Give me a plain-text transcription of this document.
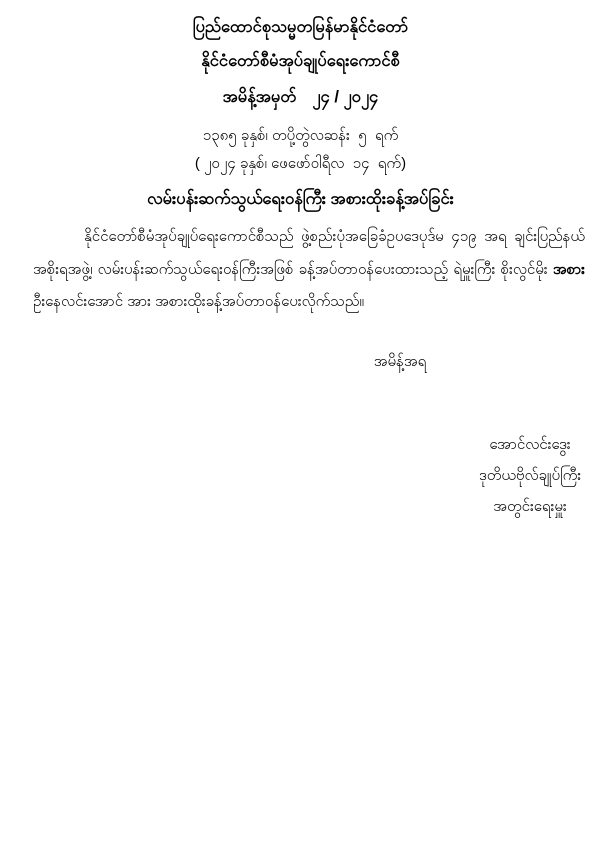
ပြည်ထောင်စုသမ္မတမြန်မာနိုင်ငံတော်
နိုင်ငံတော်စီမံအုပ်ချုပ်ရေးကောင်စီ
အမိန့်အမှတ် ၂၄ / ၂၀၂၄
၁၃၈၅ ခုနှစ်၊ တပို့တွဲလဆန်း  ၅  ရက်
( ၂၀၂၄ ခုနှစ်၊ ဖေဖော်ဝါရီလ  ၁၄  ရက်)
လမ်းပန်းဆက်သွယ်ရေးဝန်ကြီး အစားထိုးခန့်အပ်ခြင်း

နိုင်ငံတော်စီမံအုပ်ချုပ်ရေးကောင်စီသည် ဖွဲ့စည်းပုံအခြေခံဥပဒေပုဒ်မ ၄၁၉ အရ ချင်းပြည်နယ် အစိုးရအဖွဲ့၊ လမ်းပန်းဆက်သွယ်ရေးဝန်ကြီးအဖြစ် ခန့်အပ်တာဝန်ပေးထားသည့် ရဲမှူးကြီး စိုးလွင်မိုး အစား ဦးနေလင်းအောင် အား အစားထိုးခန့်အပ်တာဝန်ပေးလိုက်သည်။

အမိန့်အရ
အောင်လင်းဒွေး
ဒုတိယဗိုလ်ချုပ်ကြီး
အတွင်းရေးမှူး
